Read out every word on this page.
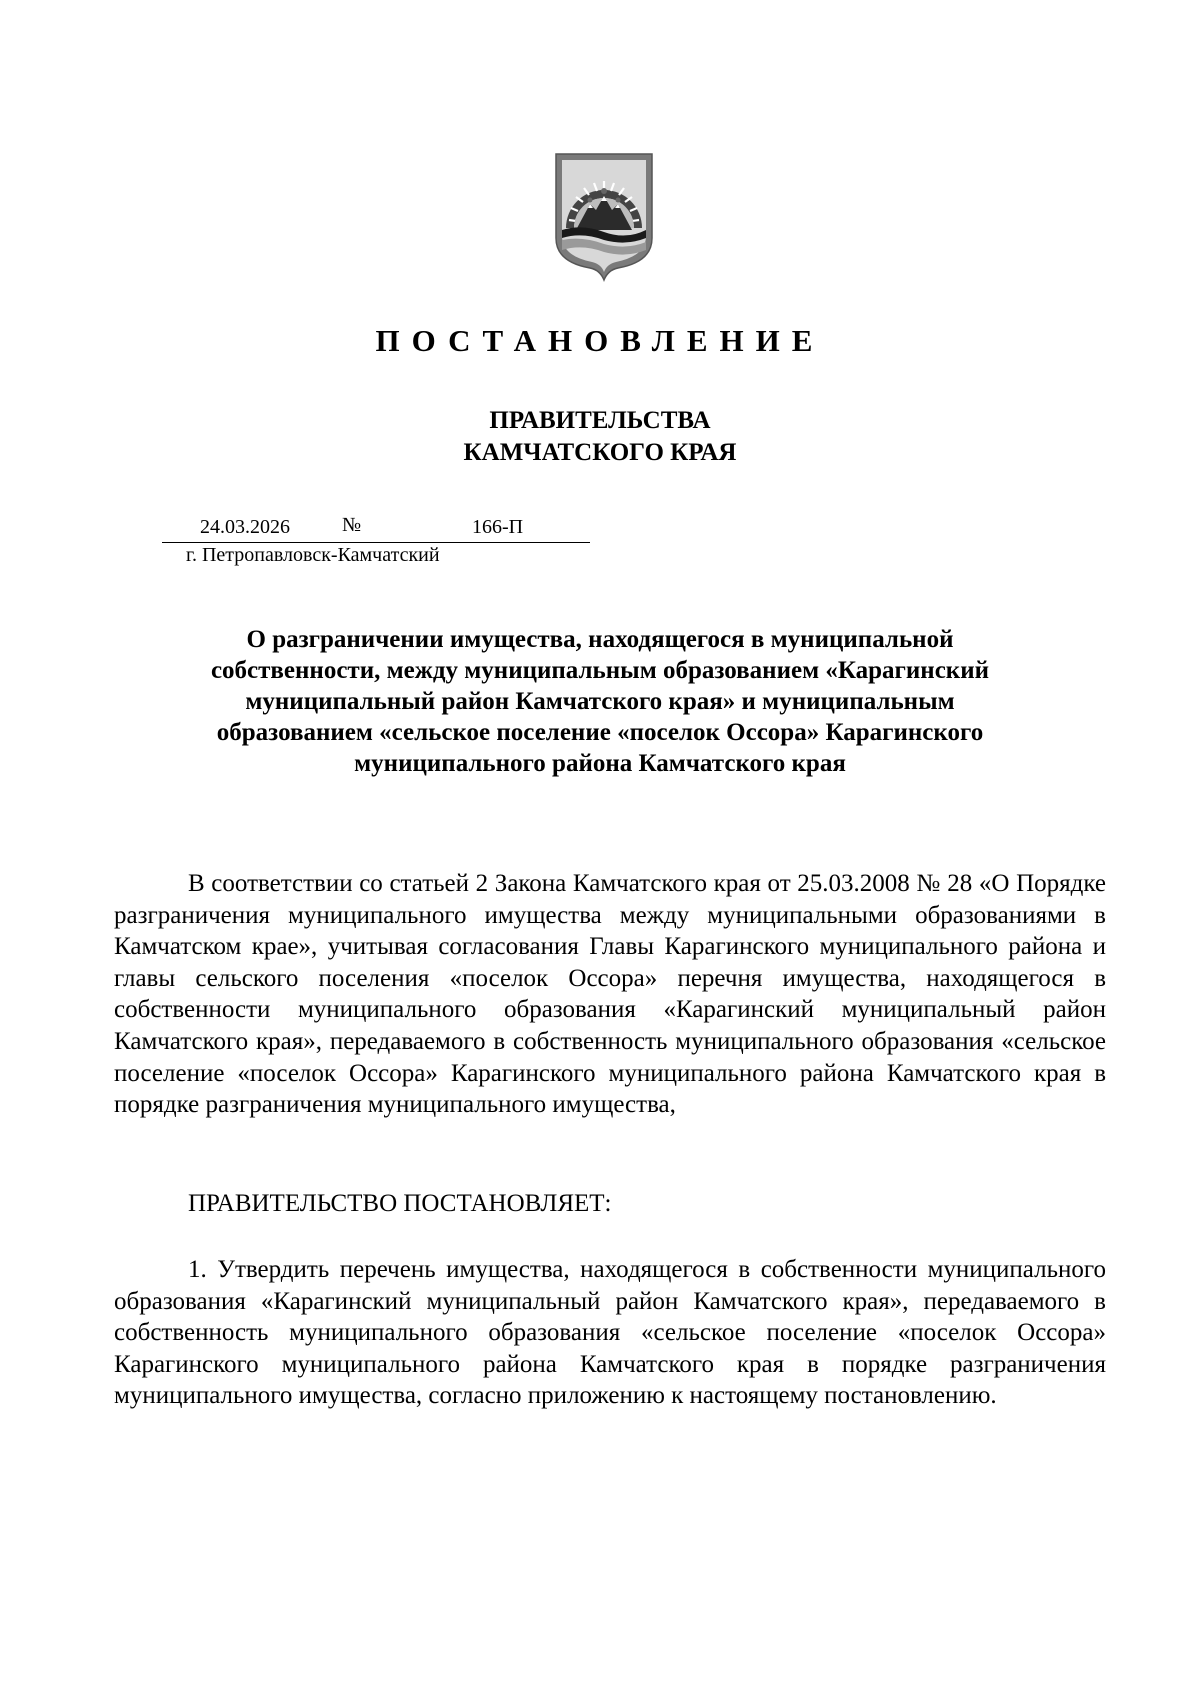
ПОСТАНОВЛЕНИЕ
ПРАВИТЕЛЬСТВА
КАМЧАТСКОГО КРАЯ
24.03.2026	№	166-П
г. Петропавловск-Камчатский
О разграничении имущества, находящегося в муниципальной
собственности, между муниципальным образованием «Карагинский
муниципальный район Камчатского края» и муниципальным
образованием «сельское поселение «поселок Оссора» Карагинского
муниципального района Камчатского края
В соответствии со статьей 2 Закона Камчатского края от 25.03.2008 № 28 «О Порядке разграничения муниципального имущества между муниципальными образованиями в Камчатском крае», учитывая согласования Главы Карагинского муниципального района и главы сельского поселения «поселок Оссора» перечня имущества, находящегося в собственности муниципального образования «Карагинский муниципальный район Камчатского края», передаваемого в собственность муниципального образования «сельское поселение «поселок Оссора» Карагинского муниципального района Камчатского края в порядке разграничения муниципального имущества,
ПРАВИТЕЛЬСТВО ПОСТАНОВЛЯЕТ:
1. Утвердить перечень имущества, находящегося в собственности муниципального образования «Карагинский муниципальный район Камчатского края», передаваемого в собственность муниципального образования «сельское поселение «поселок Оссора» Карагинского муниципального района Камчатского края в порядке разграничения муниципального имущества, согласно приложению к настоящему постановлению.
